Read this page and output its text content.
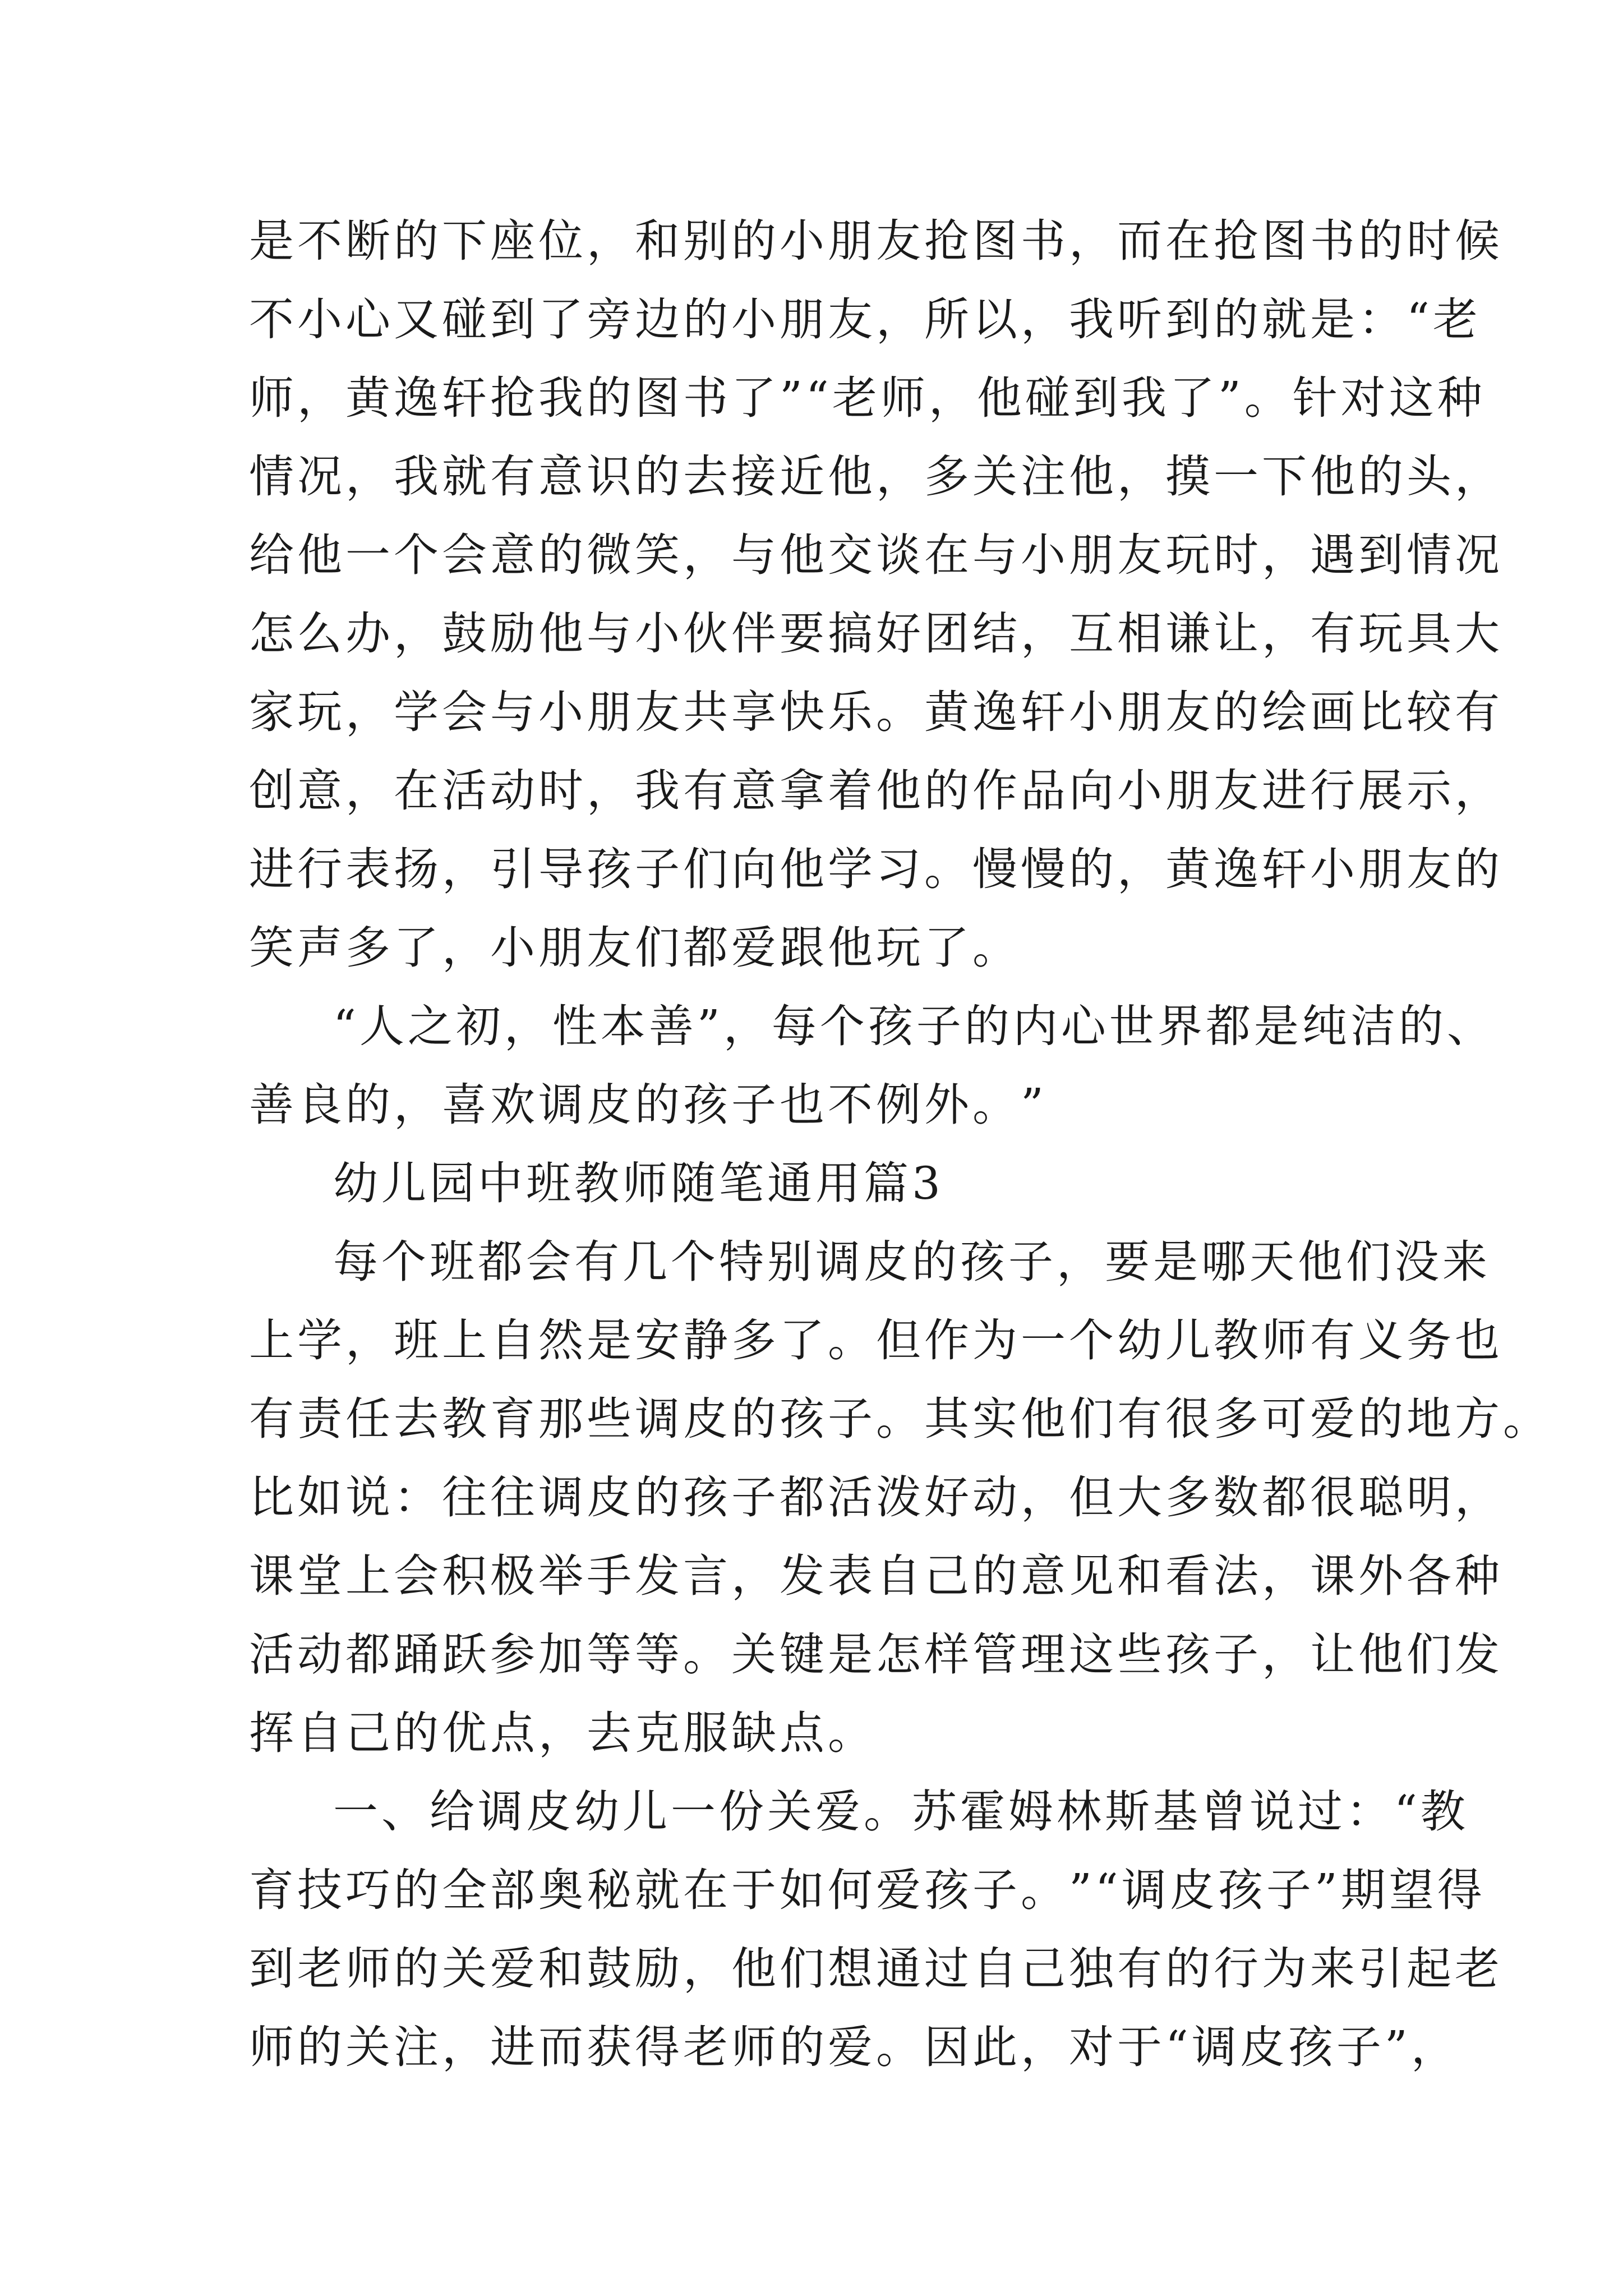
是 不 断 的 下 座 位 ， 和 别 的 小 朋 友 抢 图 书 ， 而 在 抢 图 书 的 时 候
不 小 心 又 碰 到 了 旁 边 的 小 朋 友 ， 所 以 ， 我 听 到 的 就 是 ： “ 老
师 ， 黄 逸 轩 抢 我 的 图 书 了 ” “ 老 师 ， 他 碰 到 我 了 ” 。 针 对 这 种
情 况 ， 我 就 有 意 识 的 去 接 近 他 ， 多 关 注 他 ， 摸 一 下 他 的 头 ，
给 他 一 个 会 意 的 微 笑 ， 与 他 交 谈 在 与 小 朋 友 玩 时 ， 遇 到 情 况
怎 么 办 ， 鼓 励 他 与 小 伙 伴 要 搞 好 团 结 ， 互 相 谦 让 ， 有 玩 具 大
家 玩 ， 学 会 与 小 朋 友 共 享 快 乐 。 黄 逸 轩 小 朋 友 的 绘 画 比 较 有
创 意 ， 在 活 动 时 ， 我 有 意 拿 着 他 的 作 品 向 小 朋 友 进 行 展 示 ，
进 行 表 扬 ， 引 导 孩 子 们 向 他 学 习 。 慢 慢 的 ， 黄 逸 轩 小 朋 友 的
笑 声 多 了 ， 小 朋 友 们 都 爱 跟 他 玩 了 。
“ 人 之 初 ， 性 本 善 ” ， 每 个 孩 子 的 内 心 世 界 都 是 纯 洁 的 、
善 良 的 ， 喜 欢 调 皮 的 孩 子 也 不 例 外 。 ”
幼 儿 园 中 班 教 师 随 笔 通 用 篇 3
每 个 班 都 会 有 几 个 特 别 调 皮 的 孩 子 ， 要 是 哪 天 他 们 没 来
上 学 ， 班 上 自 然 是 安 静 多 了 。 但 作 为 一 个 幼 儿 教 师 有 义 务 也
有 责 任 去 教 育 那 些 调 皮 的 孩 子 。 其 实 他 们 有 很 多 可 爱 的 地 方 。
比 如 说 ： 往 往 调 皮 的 孩 子 都 活 泼 好 动 ， 但 大 多 数 都 很 聪 明 ，
课 堂 上 会 积 极 举 手 发 言 ， 发 表 自 己 的 意 见 和 看 法 ， 课 外 各 种
活 动 都 踊 跃 参 加 等 等 。 关 键 是 怎 样 管 理 这 些 孩 子 ， 让 他 们 发
挥 自 己 的 优 点 ， 去 克 服 缺 点 。
一 、 给 调 皮 幼 儿 一 份 关 爱 。 苏 霍 姆 林 斯 基 曾 说 过 ： “ 教
育 技 巧 的 全 部 奥 秘 就 在 于 如 何 爱 孩 子 。 ” “ 调 皮 孩 子 ” 期 望 得
到 老 师 的 关 爱 和 鼓 励 ， 他 们 想 通 过 自 己 独 有 的 行 为 来 引 起 老
师 的 关 注 ， 进 而 获 得 老 师 的 爱 。 因 此 ， 对 于 “ 调 皮 孩 子 ” ，
